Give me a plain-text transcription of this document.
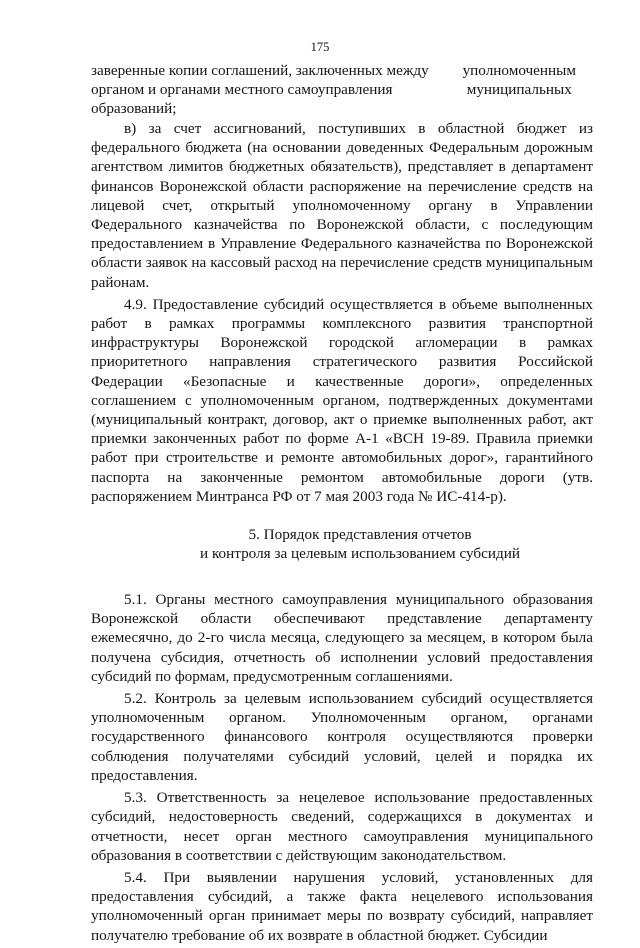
175
заверенные копии соглашений, заключенных между
органом и органами местного самоуправления
образований;
уполномоченным
муниципальных

в) за счет ассигнований, поступивших в областной бюджет из федерального бюджета (на основании доведенных Федеральным дорожным агентством лимитов бюджетных обязательств), представляет в департамент финансов Воронежской области распоряжение на перечисление средств на лицевой счет, открытый уполномоченному органу в Управлении Федерального казначейства по Воронежской области, с последующим предоставлением в Управление Федерального казначейства по Воронежской области заявок на кассовый расход на перечисление средств муниципальным районам.

4.9. Предоставление субсидий осуществляется в объеме выполненных работ в рамках программы комплексного развития транспортной инфраструктуры Воронежской городской агломерации в рамках приоритетного направления стратегического развития Российской Федерации «Безопасные и качественные дороги», определенных соглашением с уполномоченным органом, подтвержденных документами (муниципальный контракт, договор, акт о приемке выполненных работ, акт приемки законченных работ по форме А-1 «ВСН 19-89. Правила приемки работ при строительстве и ремонте автомобильных дорог», гарантийного паспорта на законченные ремонтом автомобильные дороги (утв. распоряжением Минтранса РФ от 7 мая 2003 года № ИС-414-р).

5. Порядок представления отчетов
и контроля за целевым использованием субсидий

5.1. Органы местного самоуправления муниципального образования Воронежской области обеспечивают представление департаменту ежемесячно, до 2-го числа месяца, следующего за месяцем, в котором была получена субсидия, отчетность об исполнении условий предоставления субсидий по формам, предусмотренным соглашениями.

5.2. Контроль за целевым использованием субсидий осуществляется уполномоченным органом. Уполномоченным органом, органами государственного финансового контроля осуществляются проверки соблюдения получателями субсидий условий, целей и порядка их предоставления.

5.3. Ответственность за нецелевое использование предоставленных субсидий, недостоверность сведений, содержащихся в документах и отчетности, несет орган местного самоуправления муниципального образования в соответствии с действующим законодательством.

5.4. При выявлении нарушения условий, установленных для предоставления субсидий, а также факта нецелевого использования уполномоченный орган принимает меры по возврату субсидий, направляет получателю требование об их возврате в областной бюджет. Субсидии
